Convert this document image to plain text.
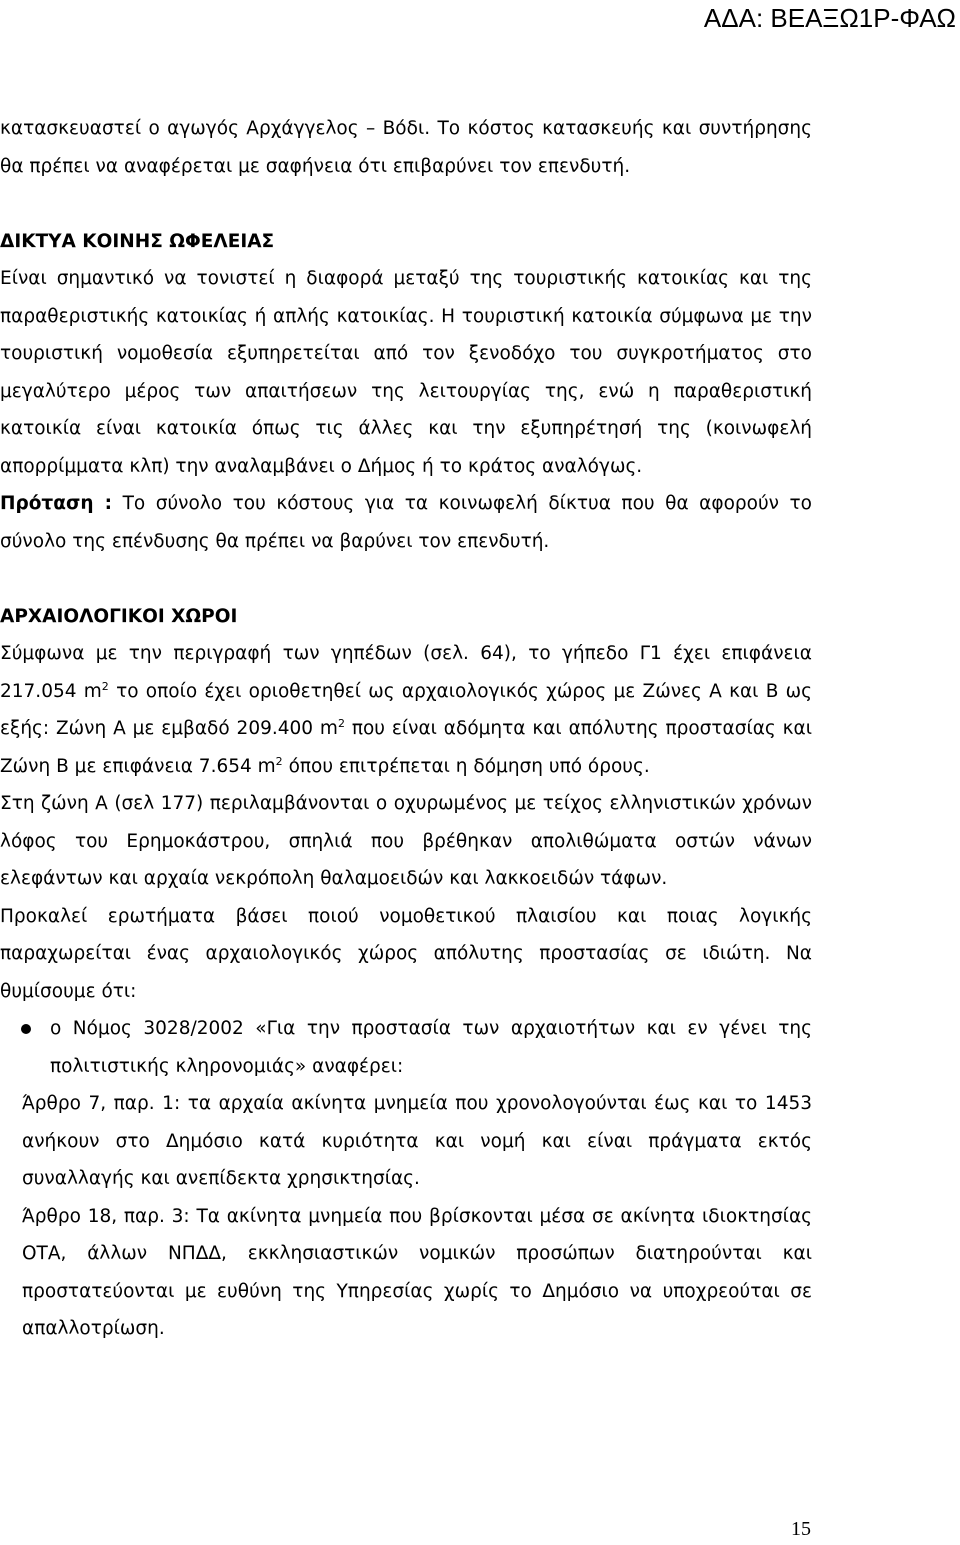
ΑΔΑ: ΒΕΑΞΩ1Ρ-ΦΑΩ

κατασκευαστεί ο αγωγός Αρχάγγελος – Βόδι. Το κόστος κατασκευής και συντήρησης θα πρέπει να αναφέρεται με σαφήνεια ότι επιβαρύνει τον επενδυτή.

ΔΙΚΤΥΑ ΚΟΙΝΗΣ ΩΦΕΛΕΙΑΣ

Είναι σημαντικό να τονιστεί η διαφορά μεταξύ της τουριστικής κατοικίας και της παραθεριστικής κατοικίας ή απλής κατοικίας. Η τουριστική κατοικία σύμφωνα με την τουριστική νομοθεσία εξυπηρετείται από τον ξενοδόχο του συγκροτήματος στο μεγαλύτερο μέρος των απαιτήσεων της λειτουργίας της, ενώ η παραθεριστική κατοικία είναι κατοικία όπως τις άλλες και την εξυπηρέτησή της (κοινωφελή απορρίμματα κλπ) την αναλαμβάνει ο Δήμος ή το κράτος αναλόγως.

Πρόταση : Το σύνολο του κόστους για τα κοινωφελή δίκτυα που θα αφορούν το σύνολο της επένδυσης θα πρέπει να βαρύνει τον επενδυτή.

ΑΡΧΑΙΟΛΟΓΙΚΟΙ ΧΩΡΟΙ

Σύμφωνα με την περιγραφή των γηπέδων (σελ. 64), το γήπεδο Γ1 έχει επιφάνεια 217.054 $m^2$ το οποίο έχει οριοθετηθεί ως αρχαιολογικός χώρος με Ζώνες Α και Β ως εξής: Ζώνη Α με εμβαδό 209.400 $m^2$ που είναι αδόμητα και απόλυτης προστασίας και Ζώνη Β με επιφάνεια 7.654 $m^2$ όπου επιτρέπεται η δόμηση υπό όρους.

Στη ζώνη Α (σελ 177) περιλαμβάνονται ο οχυρωμένος με τείχος ελληνιστικών χρόνων λόφος του Ερημοκάστρου, σπηλιά που βρέθηκαν απολιθώματα οστών νάνων ελεφάντων και αρχαία νεκρόπολη θαλαμοειδών και λακκοειδών τάφων.

Προκαλεί ερωτήματα βάσει ποιού νομοθετικού πλαισίου και ποιας λογικής παραχωρείται ένας αρχαιολογικός χώρος απόλυτης προστασίας σε ιδιώτη. Να θυμίσουμε ότι:

ο Νόμος 3028/2002 «Για την προστασία των αρχαιοτήτων και εν γένει της πολιτιστικής κληρονομιάς» αναφέρει:

Άρθρο 7, παρ. 1: τα αρχαία ακίνητα μνημεία που χρονολογούνται έως και το 1453 ανήκουν στο Δημόσιο κατά κυριότητα και νομή και είναι πράγματα εκτός συναλλαγής και ανεπίδεκτα χρησικτησίας.

Άρθρο 18, παρ. 3: Τα ακίνητα μνημεία που βρίσκονται μέσα σε ακίνητα ιδιοκτησίας ΟΤΑ, άλλων ΝΠΔΔ, εκκλησιαστικών νομικών προσώπων διατηρούνται και προστατεύονται με ευθύνη της Υπηρεσίας χωρίς το Δημόσιο να υποχρεούται σε απαλλοτρίωση.

15
